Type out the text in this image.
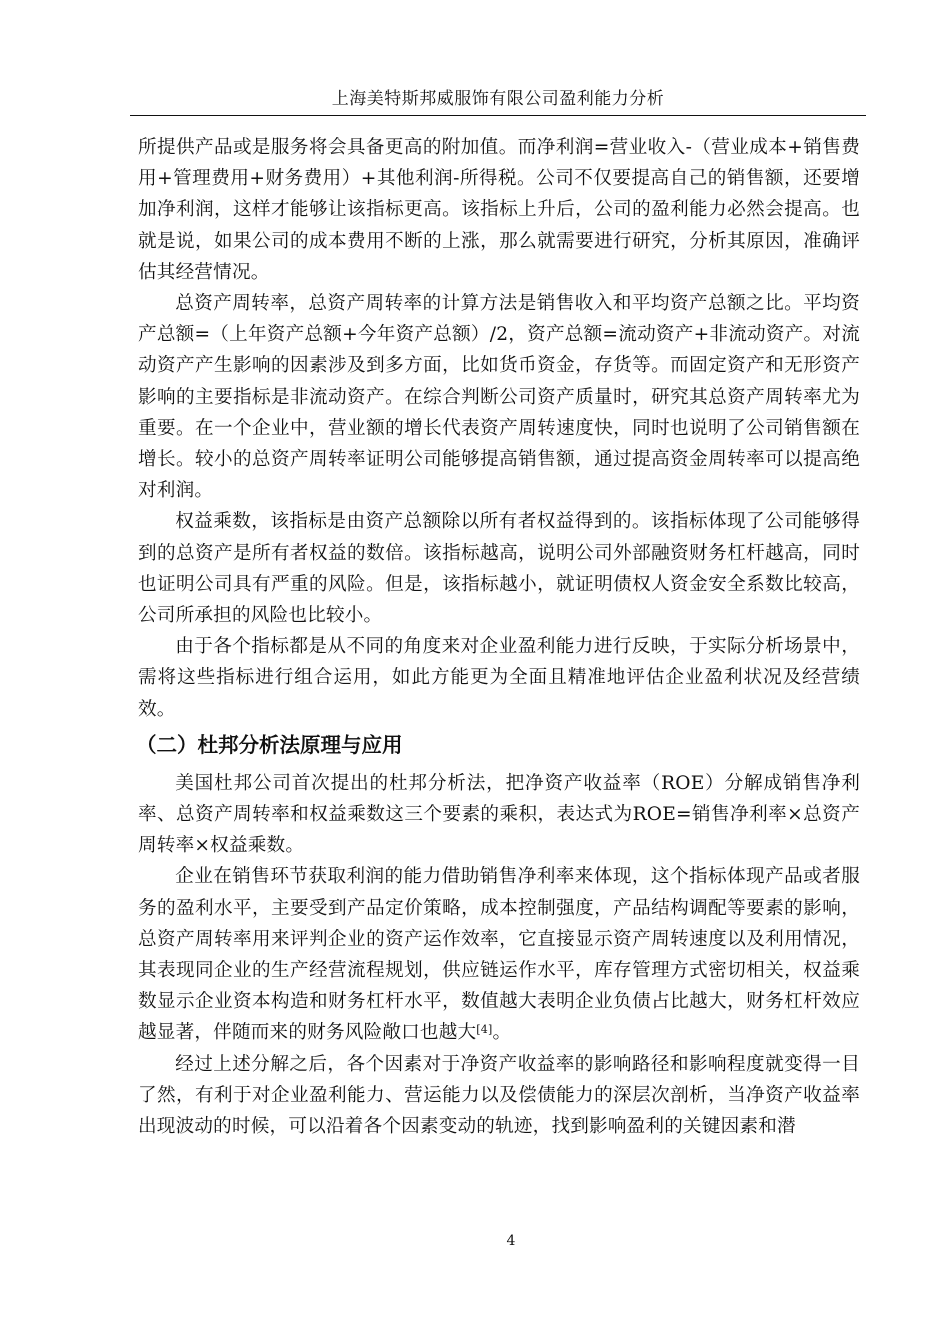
上海美特斯邦威服饰有限公司盈利能力分析

所提供产品或是服务将会具备更高的附加值。而净利润=营业收入-（营业成本+销售费用+管理费用+财务费用）+其他利润-所得税。公司不仅要提高自己的销售额，还要增加净利润，这样才能够让该指标更高。该指标上升后，公司的盈利能力必然会提高。也就是说，如果公司的成本费用不断的上涨，那么就需要进行研究，分析其原因，准确评估其经营情况。

总资产周转率，总资产周转率的计算方法是销售收入和平均资产总额之比。平均资产总额=（上年资产总额+今年资产总额）/2，资产总额=流动资产+非流动资产。对流动资产产生影响的因素涉及到多方面，比如货币资金，存货等。而固定资产和无形资产影响的主要指标是非流动资产。在综合判断公司资产质量时，研究其总资产周转率尤为重要。在一个企业中，营业额的增长代表资产周转速度快，同时也说明了公司销售额在增长。较小的总资产周转率证明公司能够提高销售额，通过提高资金周转率可以提高绝对利润。

权益乘数，该指标是由资产总额除以所有者权益得到的。该指标体现了公司能够得到的总资产是所有者权益的数倍。该指标越高，说明公司外部融资财务杠杆越高，同时也证明公司具有严重的风险。但是，该指标越小，就证明债权人资金安全系数比较高，公司所承担的风险也比较小。

由于各个指标都是从不同的角度来对企业盈利能力进行反映，于实际分析场景中，需将这些指标进行组合运用，如此方能更为全面且精准地评估企业盈利状况及经营绩效。

（二）杜邦分析法原理与应用

美国杜邦公司首次提出的杜邦分析法，把净资产收益率（ROE）分解成销售净利率、总资产周转率和权益乘数这三个要素的乘积，表达式为ROE=销售净利率×总资产周转率×权益乘数。

企业在销售环节获取利润的能力借助销售净利率来体现，这个指标体现产品或者服务的盈利水平，主要受到产品定价策略，成本控制强度，产品结构调配等要素的影响，总资产周转率用来评判企业的资产运作效率，它直接显示资产周转速度以及利用情况，其表现同企业的生产经营流程规划，供应链运作水平，库存管理方式密切相关，权益乘数显示企业资本构造和财务杠杆水平，数值越大表明企业负债占比越大，财务杠杆效应越显著，伴随而来的财务风险敞口也越大[4]。

经过上述分解之后，各个因素对于净资产收益率的影响路径和影响程度就变得一目了然，有利于对企业盈利能力、营运能力以及偿债能力的深层次剖析，当净资产收益率出现波动的时候，可以沿着各个因素变动的轨迹，找到影响盈利的关键因素和潜

4
